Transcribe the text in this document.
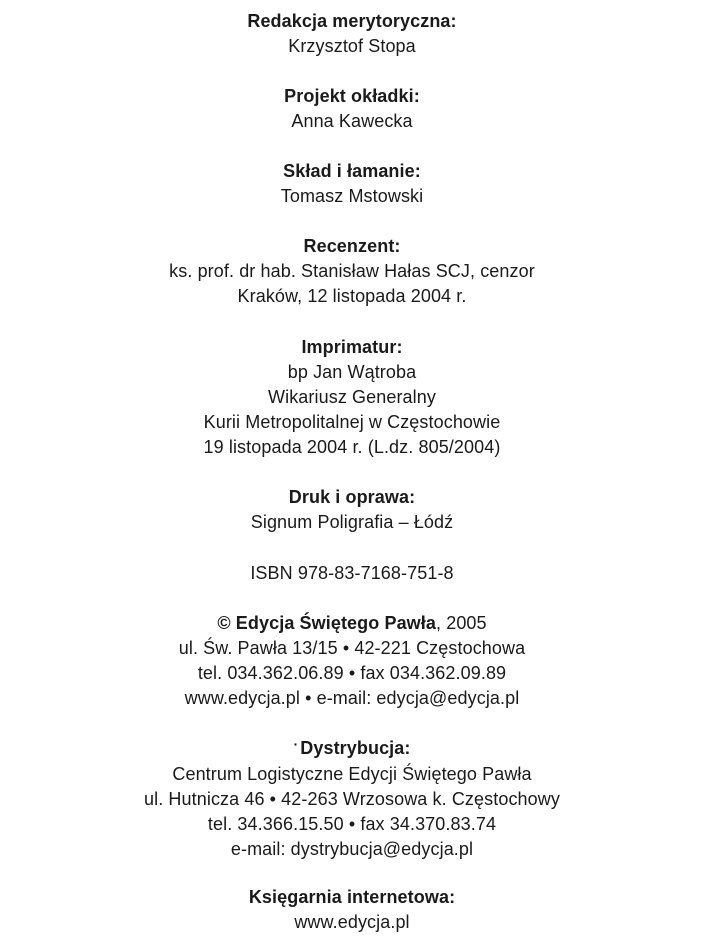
Redakcja merytoryczna:
Krzysztof Stopa
Projekt okładki:
Anna Kawecka
Skład i łamanie:
Tomasz Mstowski
Recenzent:
ks. prof. dr hab. Stanisław Hałas SCJ, cenzor
Kraków, 12 listopada 2004 r.
Imprimatur:
bp Jan Wątroba
Wikariusz Generalny
Kurii Metropolitalnej w Częstochowie
19 listopada 2004 r. (L.dz. 805/2004)
Druk i oprawa:
Signum Poligrafia – Łódź
ISBN 978-83-7168-751-8
© Edycja Świętego Pawła, 2005
ul. Św. Pawła 13/15 • 42-221 Częstochowa
tel. 034.362.06.89 • fax 034.362.09.89
www.edycja.pl • e-mail: edycja@edycja.pl
· Dystrybucja:
Centrum Logistyczne Edycji Świętego Pawła
ul. Hutnicza 46 • 42-263 Wrzosowa k. Częstochowy
tel. 34.366.15.50 • fax 34.370.83.74
e-mail: dystrybucja@edycja.pl
Księgarnia internetowa:
www.edycja.pl
